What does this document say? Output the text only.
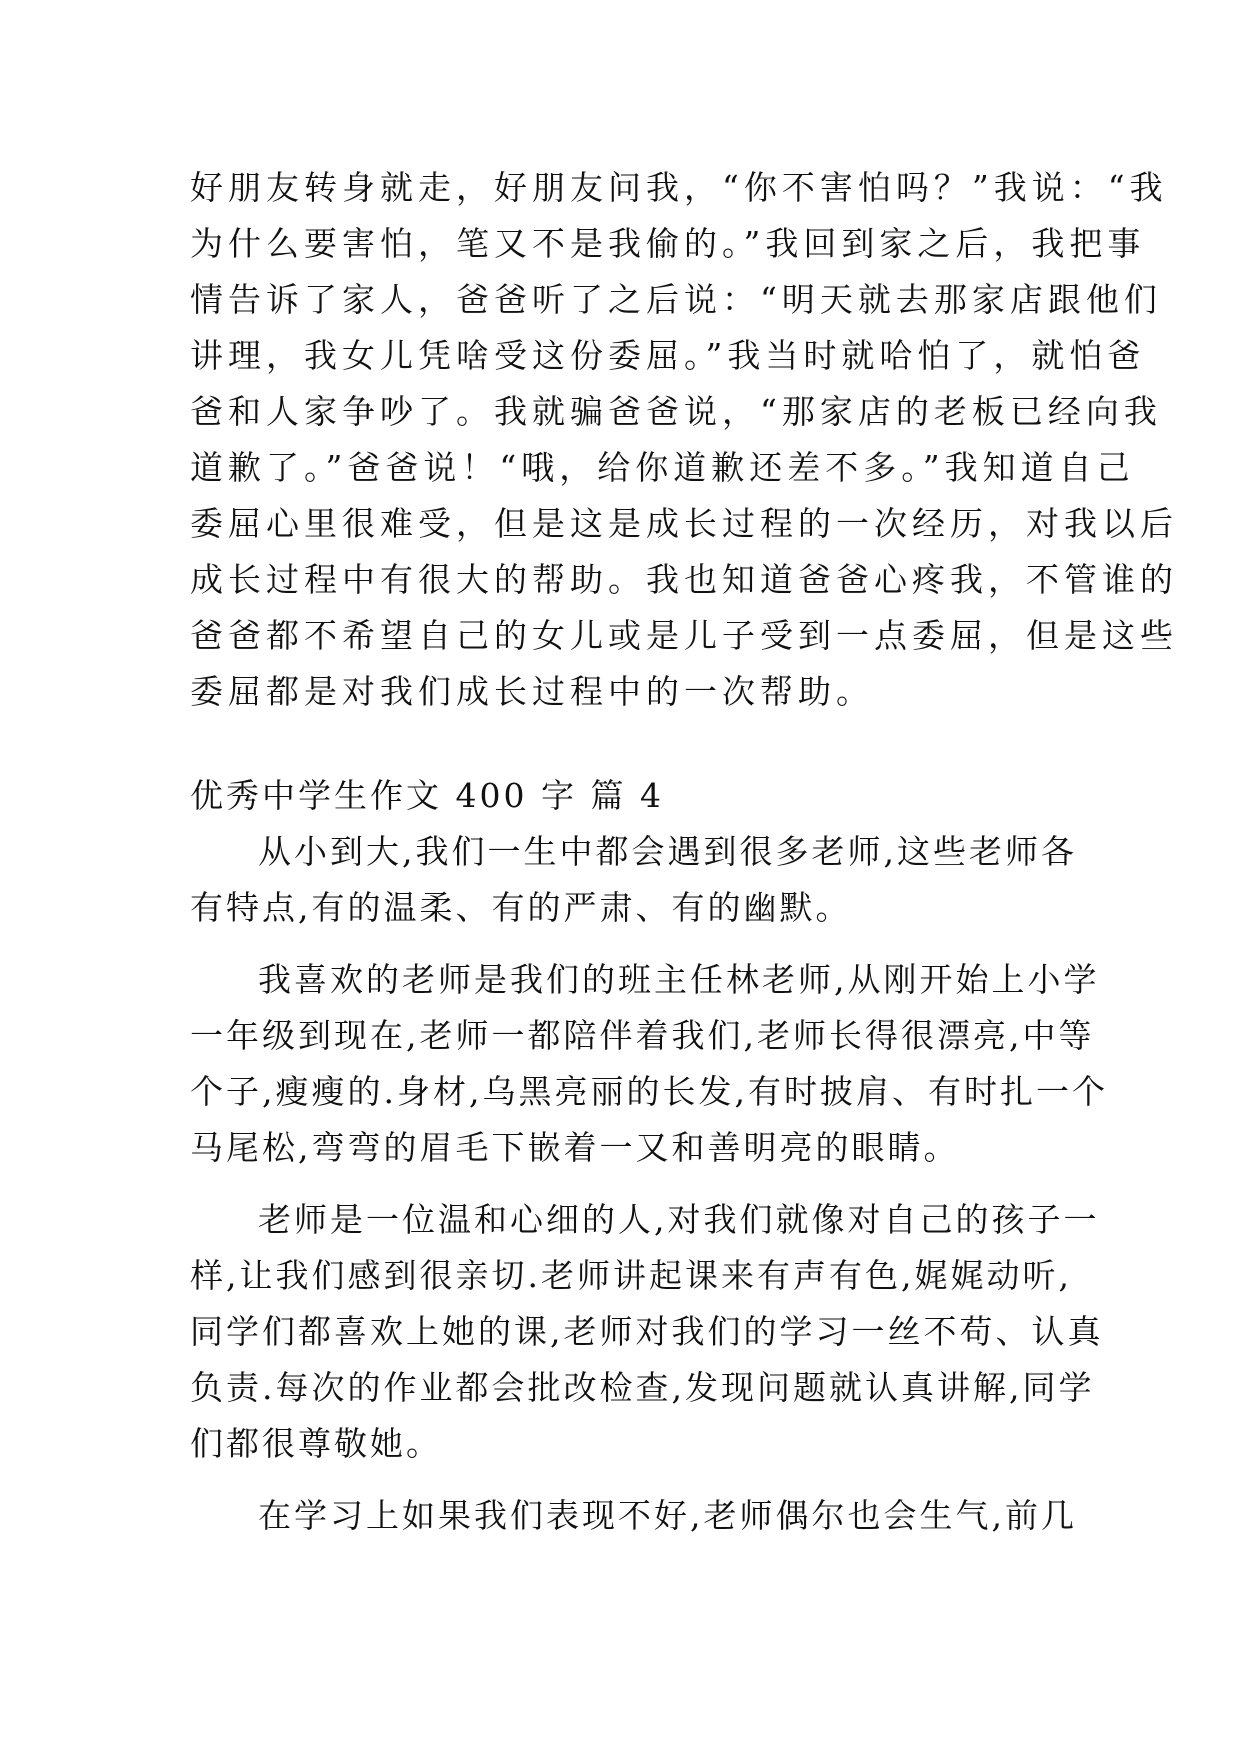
好朋友转身就走，好朋友问我，“你不害怕吗？”我说：“我

为什么要害怕，笔又不是我偷的。”我回到家之后，我把事

情告诉了家人，爸爸听了之后说：“明天就去那家店跟他们

讲理，我女儿凭啥受这份委屈。”我当时就哈怕了，就怕爸

爸和人家争吵了。我就骗爸爸说，“那家店的老板已经向我

道歉了。”爸爸说！“哦，给你道歉还差不多。”我知道自己

委屈心里很难受，但是这是成长过程的一次经历，对我以后

成长过程中有很大的帮助。我也知道爸爸心疼我，不管谁的

爸爸都不希望自己的女儿或是儿子受到一点委屈，但是这些

委屈都是对我们成长过程中的一次帮助。

优秀中学生作文 400 字 篇 4

从小到大,我们一生中都会遇到很多老师,这些老师各

有特点,有的温柔、有的严肃、有的幽默。

我喜欢的老师是我们的班主任林老师,从刚开始上小学

一年级到现在,老师一都陪伴着我们,老师长得很漂亮,中等

个子,瘦瘦的.身材,乌黑亮丽的长发,有时披肩、有时扎一个

马尾松,弯弯的眉毛下嵌着一又和善明亮的眼睛。

老师是一位温和心细的人,对我们就像对自己的孩子一

样,让我们感到很亲切.老师讲起课来有声有色,娓娓动听,

同学们都喜欢上她的课,老师对我们的学习一丝不苟、认真

负责.每次的作业都会批改检查,发现问题就认真讲解,同学

们都很尊敬她。

在学习上如果我们表现不好,老师偶尔也会生气,前几
